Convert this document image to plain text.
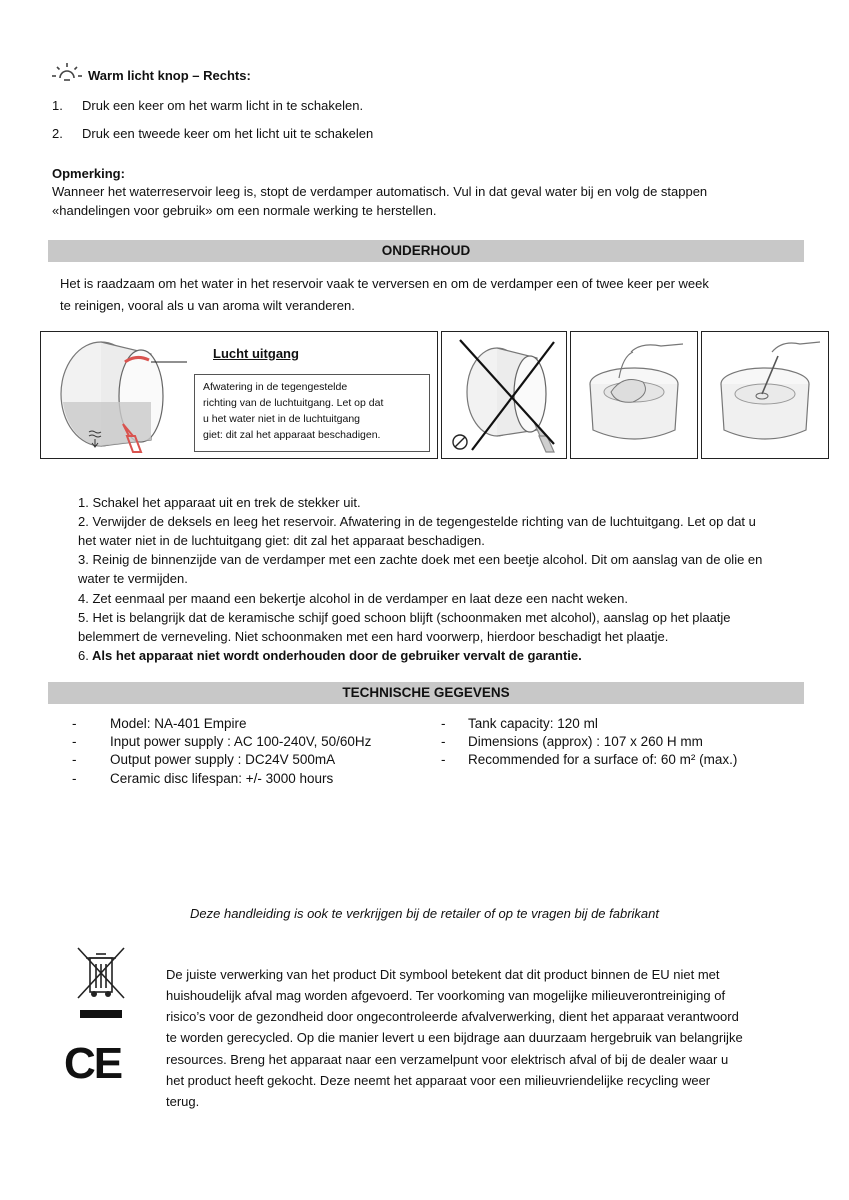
Warm licht knop – Rechts:
1. Druk een keer om het warm licht in te schakelen.
2. Druk een tweede keer om het licht uit te schakelen
Opmerking:
Wanneer het waterreservoir leeg is, stopt de verdamper automatisch. Vul in dat geval water bij en volg de stappen
«handelingen voor gebruik» om een normale werking te herstellen.
ONDERHOUD
Het is raadzaam om het water in het reservoir vaak te verversen en om de verdamper een of twee keer per week
te reinigen, vooral als u van aroma wilt veranderen.
Lucht uitgang
Afwatering in de tegengestelde
richting van de luchtuitgang. Let op dat
u het water niet in de luchtuitgang
giet: dit zal het apparaat beschadigen.
1. Schakel het apparaat uit en trek de stekker uit.
2. Verwijder de deksels en leeg het reservoir. Afwatering in de tegengestelde richting van de luchtuitgang. Let op dat u
het water niet in de luchtuitgang giet: dit zal het apparaat beschadigen.
3. Reinig de binnenzijde van de verdamper met een zachte doek met een beetje alcohol. Dit om aanslag van de olie en
water te vermijden.
4. Zet eenmaal per maand een bekertje alcohol in de verdamper en laat deze een nacht weken.
5. Het is belangrijk dat de keramische schijf goed schoon blijft (schoonmaken met alcohol), aanslag op het plaatje
belemmert de verneveling. Niet schoonmaken met een hard voorwerp, hierdoor beschadigt het plaatje.
6. Als het apparaat niet wordt onderhouden door de gebruiker vervalt de garantie.
TECHNISCHE GEGEVENS
- Model: NA-401 Empire
- Input power supply : AC 100-240V, 50/60Hz
- Output power supply : DC24V 500mA
- Ceramic disc lifespan: +/- 3000 hours
- Tank capacity: 120 ml
- Dimensions (approx) : 107 x 260 H mm
- Recommended for a surface of: 60 m² (max.)
Deze handleiding is ook te verkrijgen bij de retailer of op te vragen bij de fabrikant
CE
De juiste verwerking van het product Dit symbool betekent dat dit product binnen de EU niet met
huishoudelijk afval mag worden afgevoerd. Ter voorkoming van mogelijke milieuverontreiniging of
risico’s voor de gezondheid door ongecontroleerde afvalverwerking, dient het apparaat verantwoord
te worden gerecycled. Op die manier levert u een bijdrage aan duurzaam hergebruik van belangrijke
resources. Breng het apparaat naar een verzamelpunt voor elektrisch afval of bij de dealer waar u
het product heeft gekocht. Deze neemt het apparaat voor een milieuvriendelijke recycling weer
terug.
